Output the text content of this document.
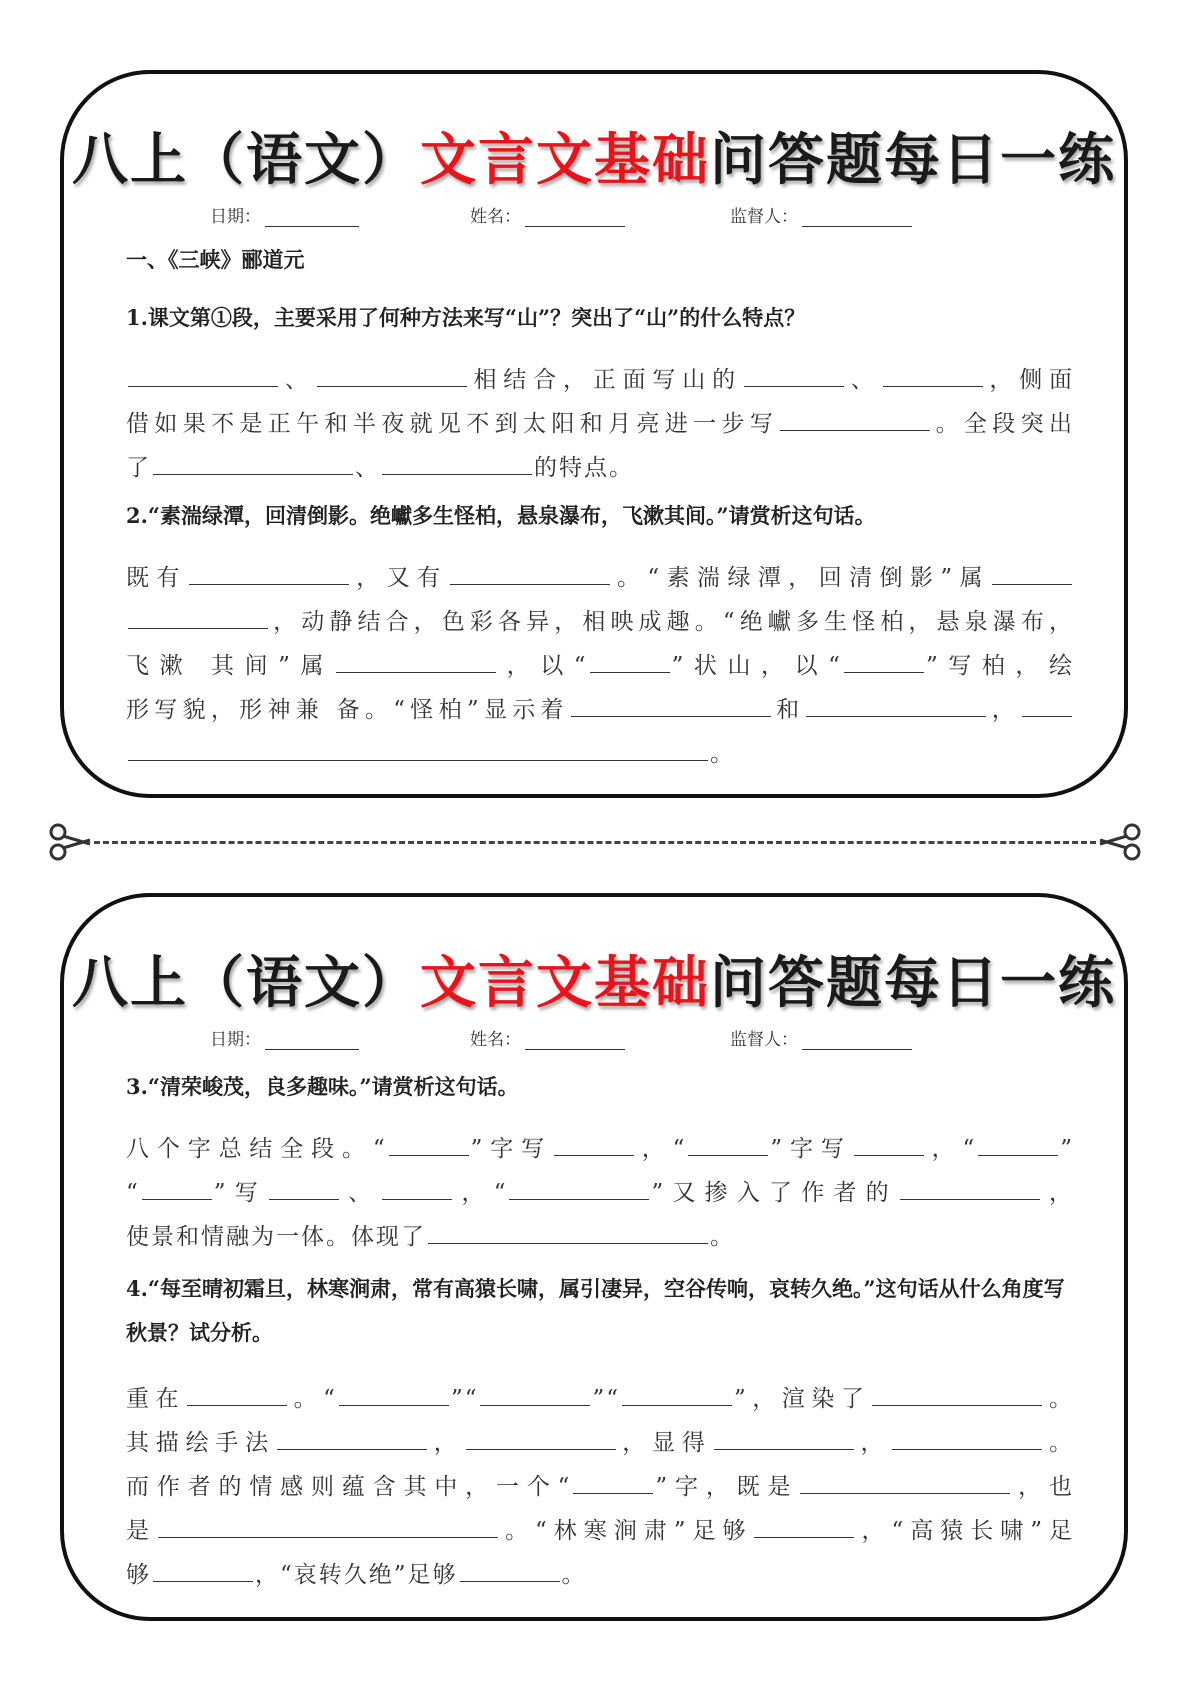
八上（语文）文言文基础问答题每日一练
日期：	姓名：	监督人：
一、《三峡》郦道元
1.课文第①段，主要采用了何种方法来写“山”？突出了“山”的什么特点？

、	相结合，正面写山的	、	，侧面

借如果不是正午和半夜就见不到太阳和月亮进一步写	。全段突出

了	、	的特点。

2.“素湍绿潭，回清倒影。绝巘多生怪柏，悬泉瀑布，飞漱其间。”请赏析这句话。

既有	，又有	。“素湍绿潭，回清倒影”属

，动静结合，色彩各异，相映成趣。“绝巘多生怪柏，悬泉瀑布，

飞漱 其间”属	，以“	”状山，以“	”写柏，绘

形写貌，形神兼 备。“怪柏”显示着	和	，

。

八上（语文）文言文基础问答题每日一练
日期：	姓名：	监督人：
3.“清荣峻茂，良多趣味。”请赏析这句话。

八个字总结全段。“	”字写	，“	”字写	，“	”

“	”写	、	，“	”又掺入了作者的	，

使景和情融为一体。体现了	。

4.“每至晴初霜旦，林寒涧肃，常有高猿长啸，属引凄异，空谷传响，哀转久绝。”这句话从什么角度写秋景？试分析。

重在	。“	”“	”“	”，渲染了	。

其描绘手法	，	，显得	，	。

而作者的情感则蕴含其中，一个“	”字，既是	，也

是	。“林寒涧肃”足够	，“高猿长啸”足

够	，“哀转久绝”足够	。
